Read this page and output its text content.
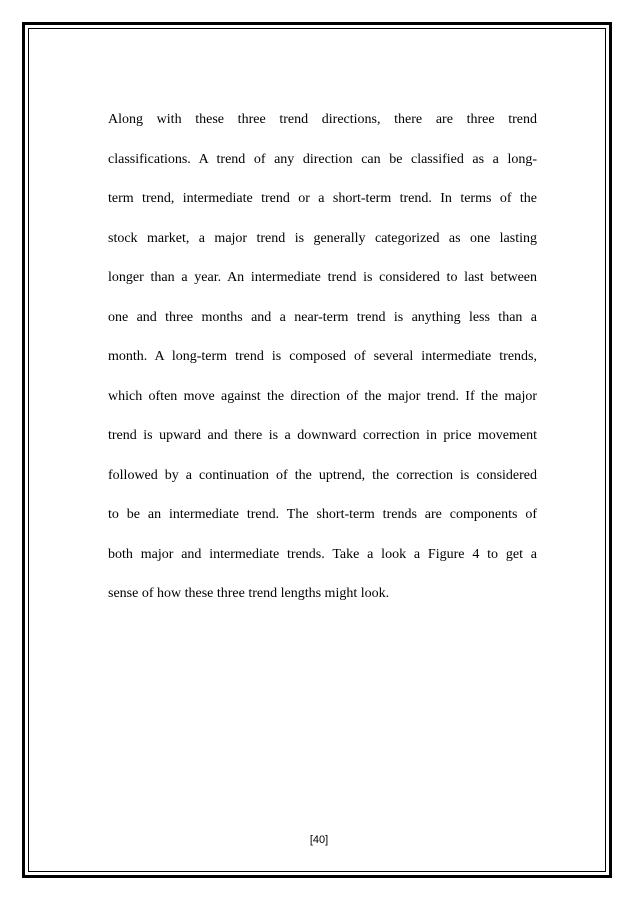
Along with these three trend directions, there are three trend
classifications. A trend of any direction can be classified as a long-
term trend, intermediate trend or a short-term trend. In terms of the
stock market, a major trend is generally categorized as one lasting
longer than a year. An intermediate trend is considered to last between
one and three months and a near-term trend is anything less than a
month. A long-term trend is composed of several intermediate trends,
which often move against the direction of the major trend. If the major
trend is upward and there is a downward correction in price movement
followed by a continuation of the uptrend, the correction is considered
to be an intermediate trend. The short-term trends are components of
both major and intermediate trends. Take a look a Figure 4 to get a
sense of how these three trend lengths might look.

[40]
